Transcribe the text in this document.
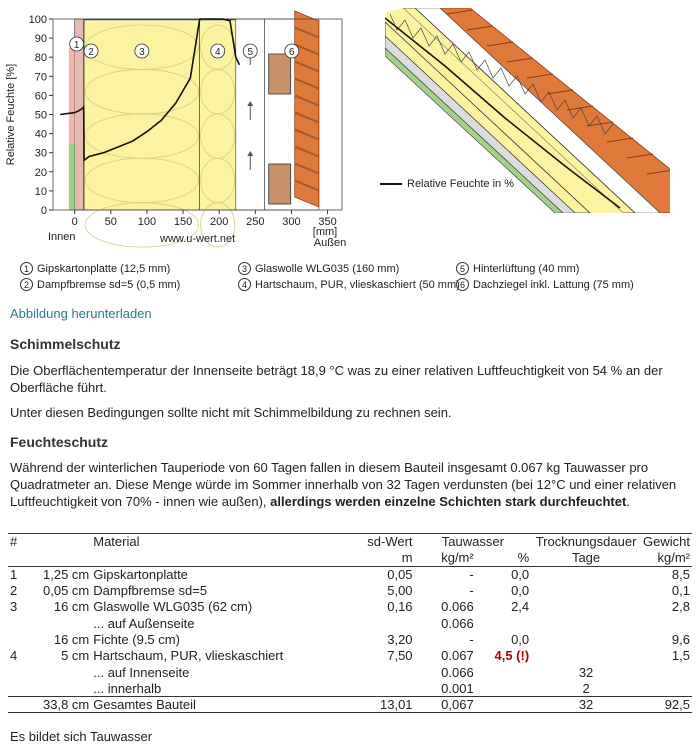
0
10
20
30
40
50
60
70
80
90
100
0 50 100 150 200 250 300 350
Relative Feuchte [%]
Innen	www.u-wert.net
[mm]
Außen
1
2	3	4	5	6
Relative Feuchte in %
1 Gipskartonplatte (12,5 mm)	3 Glaswolle WLG035 (160 mm)	5 Hinterlüftung (40 mm)
2 Dampfbremse sd=5 (0,5 mm)	4 Hartschaum, PUR, vlieskaschiert (50 mm) 6 Dachziegel inkl. Lattung (75 mm)
Abbildung herunterladen
Schimmelschutz

Die Oberflächentemperatur der Innenseite beträgt 18,9 °C was zu einer relativen Luftfeuchtigkeit von 54 % an der Oberfläche führt.

Unter diesen Bedingungen sollte nicht mit Schimmelbildung zu rechnen sein.

Feuchteschutz

Während der winterlichen Tauperiode von 60 Tagen fallen in diesem Bauteil insgesamt 0.067 kg Tauwasser pro Quadratmeter an. Diese Menge würde im Sommer innerhalb von 32 Tagen verdunsten (bei 12°C und einer relativen Luftfeuchtigkeit von 70% - innen wie außen), allerdings werden einzelne Schichten stark durchfeuchtet.

#		Material	sd-Wert	Tauwasser		Trocknungsdauer	Gewicht
			m	kg/m²	%	Tage	kg/m²
1	1,25 cm	Gipskartonplatte	0,05	-	0,0		8,5
2	0,05 cm	Dampfbremse sd=5	5,00	-	0,0		0,1
3	16 cm	Glaswolle WLG035 (62 cm)	0,16	0.066	2,4		2,8
		... auf Außenseite		0.066			
	16 cm	Fichte (9.5 cm)	3,20	-	0,0		9,6
4	5 cm	Hartschaum, PUR, vlieskaschiert	7,50	0.067	4,5 (!)		1,5
		... auf Innenseite		0.066		32	
		... innerhalb		0.001		2	
	33,8 cm	Gesamtes Bauteil	13,01	0,067		32	92,5
Es bildet sich Tauwasser
